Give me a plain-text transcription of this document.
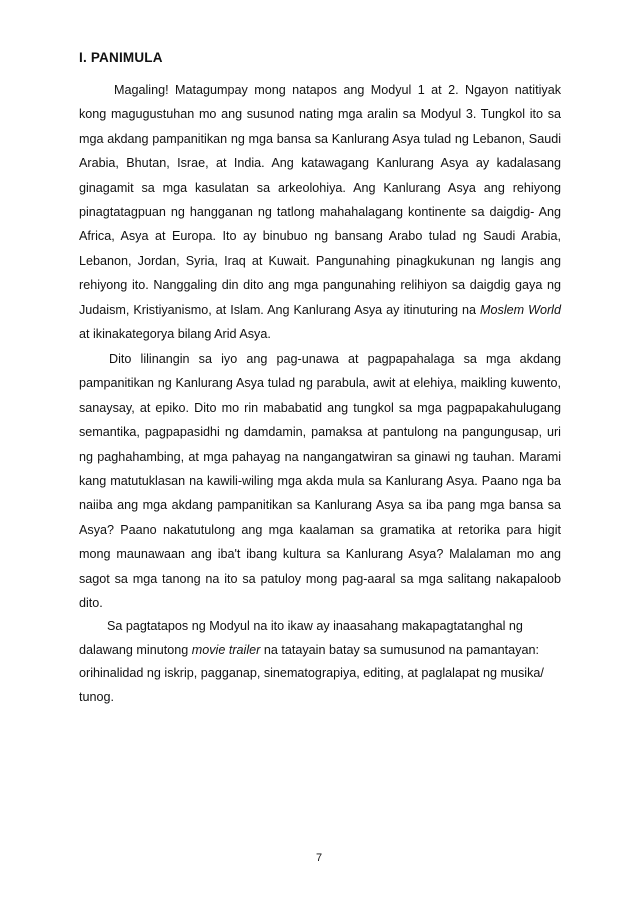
I. PANIMULA

Magaling! Matagumpay mong natapos ang Modyul 1 at 2. Ngayon natitiyak kong magugustuhan mo ang susunod nating mga aralin sa Modyul 3. Tungkol ito sa mga akdang pampanitikan ng mga bansa sa Kanlurang Asya tulad ng Lebanon, Saudi Arabia, Bhutan, Israe, at India. Ang katawagang Kanlurang Asya ay kadalasang ginagamit sa mga kasulatan sa arkeolohiya. Ang Kanlurang Asya ang rehiyong pinagtatagpuan ng hangganan ng tatlong mahahalagang kontinente sa daigdig- Ang Africa, Asya at Europa. Ito ay binubuo ng bansang Arabo tulad ng Saudi Arabia, Lebanon, Jordan, Syria, Iraq at Kuwait. Pangunahing pinagkukunan ng langis ang rehiyong ito. Nanggaling din dito ang mga pangunahing relihiyon sa daigdig gaya ng Judaism, Kristiyanismo, at Islam. Ang Kanlurang Asya ay itinuturing na Moslem World at ikinakategorya bilang Arid Asya.

Dito lilinangin sa iyo ang pag-unawa at pagpapahalaga sa mga akdang pampanitikan ng Kanlurang Asya tulad ng parabula, awit at elehiya, maikling kuwento, sanaysay, at epiko. Dito mo rin mababatid ang tungkol sa mga pagpapakahulugang semantika, pagpapasidhi ng damdamin, pamaksa at pantulong na pangungusap, uri ng paghahambing, at mga pahayag na nangangatwiran sa ginawi ng tauhan. Marami kang matutuklasan na kawili-wiling mga akda mula sa Kanlurang Asya. Paano nga ba naiiba ang mga akdang pampanitikan sa Kanlurang Asya sa iba pang mga bansa sa Asya? Paano nakatutulong ang mga kaalaman sa gramatika at retorika para higit mong maunawaan ang iba't ibang kultura sa Kanlurang Asya? Malalaman mo ang sagot sa mga tanong na ito sa patuloy mong pag-aaral sa mga salitang nakapaloob dito.

Sa pagtatapos ng Modyul na ito ikaw ay inaasahang makapagtatanghal ng dalawang minutong movie trailer na tatayain batay sa sumusunod na pamantayan: orihinalidad ng iskrip, pagganap, sinematograpiya, editing, at paglalapat ng musika/ tunog.

7
